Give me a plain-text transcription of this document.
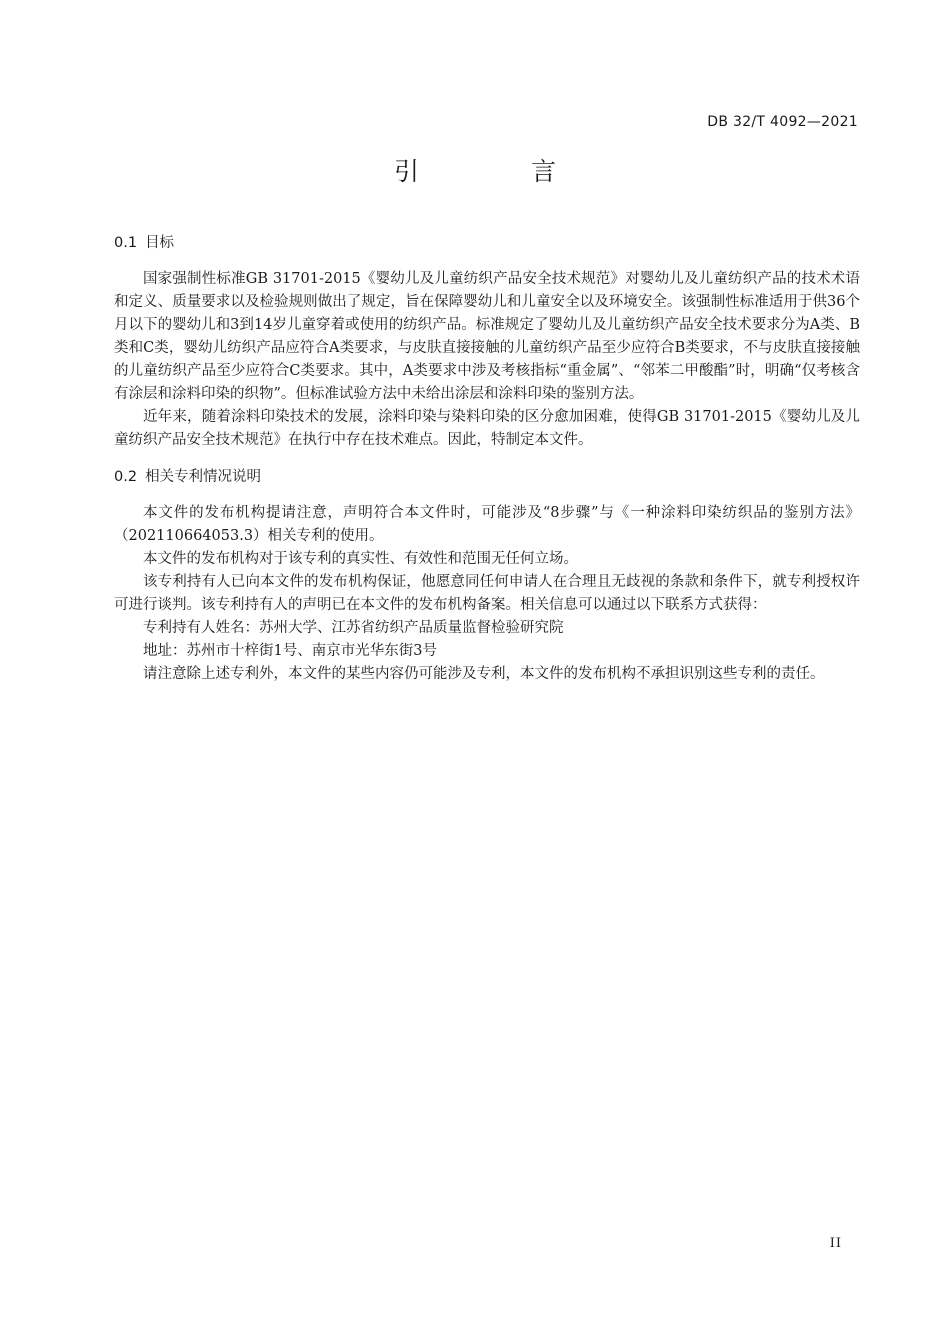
DB 32/T 4092—2021
引 言
0.1 目标

国家强制性标准GB 31701-2015《婴幼儿及儿童纺织产品安全技术规范》对婴幼儿及儿童纺织产品的技术术语和定义、质量要求以及检验规则做出了规定，旨在保障婴幼儿和儿童安全以及环境安全。该强制性标准适用于供36个月以下的婴幼儿和3到14岁儿童穿着或使用的纺织产品。标准规定了婴幼儿及儿童纺织产品安全技术要求分为A类、B类和C类，婴幼儿纺织产品应符合A类要求，与皮肤直接接触的儿童纺织产品至少应符合B类要求，不与皮肤直接接触的儿童纺织产品至少应符合C类要求。其中，A类要求中涉及考核指标“重金属”、“邻苯二甲酸酯”时，明确“仅考核含有涂层和涂料印染的织物”。但标准试验方法中未给出涂层和涂料印染的鉴别方法。

近年来，随着涂料印染技术的发展，涂料印染与染料印染的区分愈加困难，使得GB 31701-2015《婴幼儿及儿童纺织产品安全技术规范》在执行中存在技术难点。因此，特制定本文件。

0.2 相关专利情况说明

本文件的发布机构提请注意，声明符合本文件时，可能涉及“8步骤”与《一种涂料印染纺织品的鉴别方法》（202110664053.3）相关专利的使用。

本文件的发布机构对于该专利的真实性、有效性和范围无任何立场。

该专利持有人已向本文件的发布机构保证，他愿意同任何申请人在合理且无歧视的条款和条件下，就专利授权许可进行谈判。该专利持有人的声明已在本文件的发布机构备案。相关信息可以通过以下联系方式获得：

专利持有人姓名：苏州大学、江苏省纺织产品质量监督检验研究院

地址：苏州市十梓街1号、南京市光华东街3号

请注意除上述专利外，本文件的某些内容仍可能涉及专利，本文件的发布机构不承担识别这些专利的责任。

II
